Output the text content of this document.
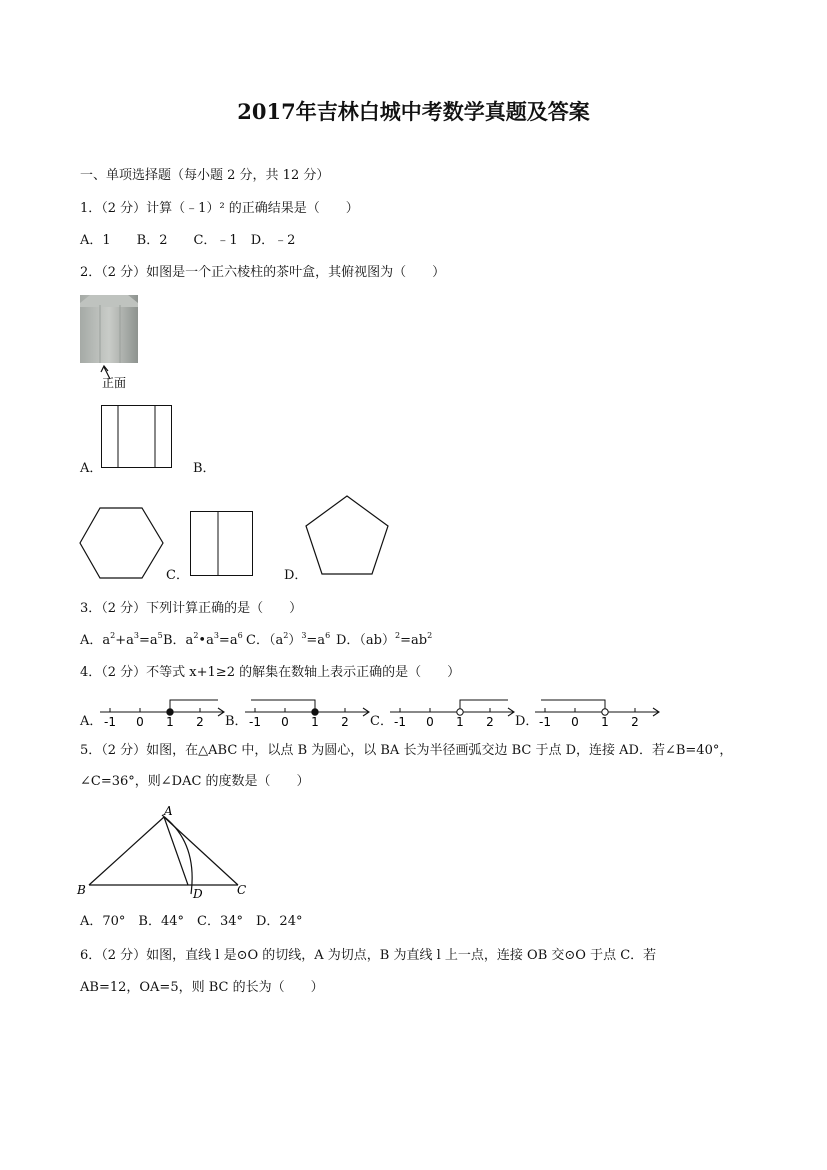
2017年吉林白城中考数学真题及答案
一、单项选择题（每小题 2 分，共 12 分）
1．（2 分）计算（﹣1）² 的正确结果是（　　）
A．1　　B．2　　C．﹣1　D．﹣2
2．（2 分）如图是一个正六棱柱的茶叶盒，其俯视图为（　　）
正面
A．	B．
C．	D．
3．（2 分）下列计算正确的是（　　）
A．$a^2+a^3=a^5$ B．$a^2•a^3=a^6$ C．$(a^2)^3=a^6$ D．$(ab)^2=ab^2$
4．（2 分）不等式 x+1≥2 的解集在数轴上表示正确的是（　　）
A． -1 0 1 2 B． -1 0 1 2 C． -1 0 1 2 D． -1 0 1 2
5．（2 分）如图，在△ABC 中，以点 B 为圆心，以 BA 长为半径画弧交边 BC 于点 D，连接 AD．若∠B=40°，
∠C=36°，则∠DAC 的度数是（　　）
A
B	C
D
A．70°　B．44°　C．34°　D．24°
6．（2 分）如图，直线 l 是⊙O 的切线，A 为切点，B 为直线 l 上一点，连接 OB 交⊙O 于点 C．若
AB=12，OA=5，则 BC 的长为（　　）
